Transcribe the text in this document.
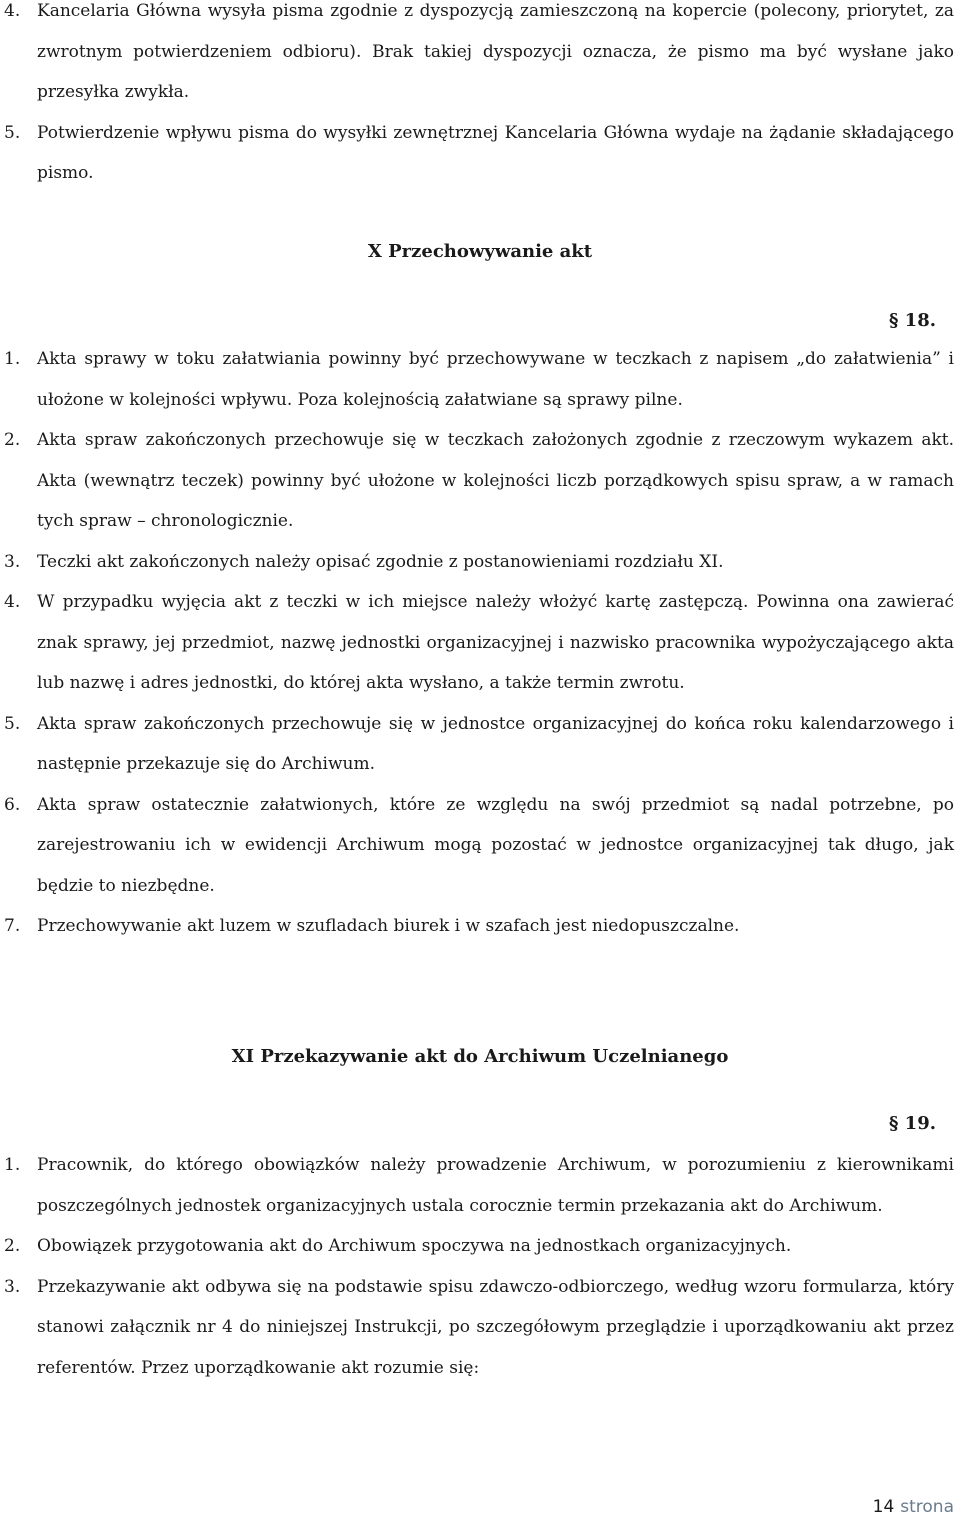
4. Kancelaria Główna wysyła pisma zgodnie z dyspozycją zamieszczoną na kopercie (polecony, priorytet, za zwrotnym potwierdzeniem odbioru). Brak takiej dyspozycji oznacza, że pismo ma być wysłane jako przesyłka zwykła.

5. Potwierdzenie wpływu pisma do wysyłki zewnętrznej Kancelaria Główna wydaje na żądanie składającego pismo.

X Przechowywanie akt

§ 18.

1. Akta sprawy w toku załatwiania powinny być przechowywane w teczkach z napisem „do załatwienia” i ułożone w kolejności wpływu. Poza kolejnością załatwiane są sprawy pilne.

2. Akta spraw zakończonych przechowuje się w teczkach założonych zgodnie z rzeczowym wykazem akt. Akta (wewnątrz teczek) powinny być ułożone w kolejności liczb porządkowych spisu spraw, a w ramach tych spraw – chronologicznie.

3. Teczki akt zakończonych należy opisać zgodnie z postanowieniami rozdziału XI.

4. W przypadku wyjęcia akt z teczki w ich miejsce należy włożyć kartę zastępczą. Powinna ona zawierać znak sprawy, jej przedmiot, nazwę jednostki organizacyjnej i nazwisko pracownika wypożyczającego akta lub nazwę i adres jednostki, do której akta wysłano, a także termin zwrotu.

5. Akta spraw zakończonych przechowuje się w jednostce organizacyjnej do końca roku kalendarzowego i następnie przekazuje się do Archiwum.

6. Akta spraw ostatecznie załatwionych, które ze względu na swój przedmiot są nadal potrzebne, po zarejestrowaniu ich w ewidencji Archiwum mogą pozostać w jednostce organizacyjnej tak długo, jak będzie to niezbędne.

7. Przechowywanie akt luzem w szufladach biurek i w szafach jest niedopuszczalne.

XI Przekazywanie akt do Archiwum Uczelnianego

§ 19.

1. Pracownik, do którego obowiązków należy prowadzenie Archiwum, w porozumieniu z kierownikami poszczególnych jednostek organizacyjnych ustala corocznie termin przekazania akt do Archiwum.

2. Obowiązek przygotowania akt do Archiwum spoczywa na jednostkach organizacyjnych.

3. Przekazywanie akt odbywa się na podstawie spisu zdawczo-odbiorczego, według wzoru formularza, który stanowi załącznik nr 4 do niniejszej Instrukcji, po szczegółowym przeglądzie i uporządkowaniu akt przez referentów. Przez uporządkowanie akt rozumie się:

14 strona
